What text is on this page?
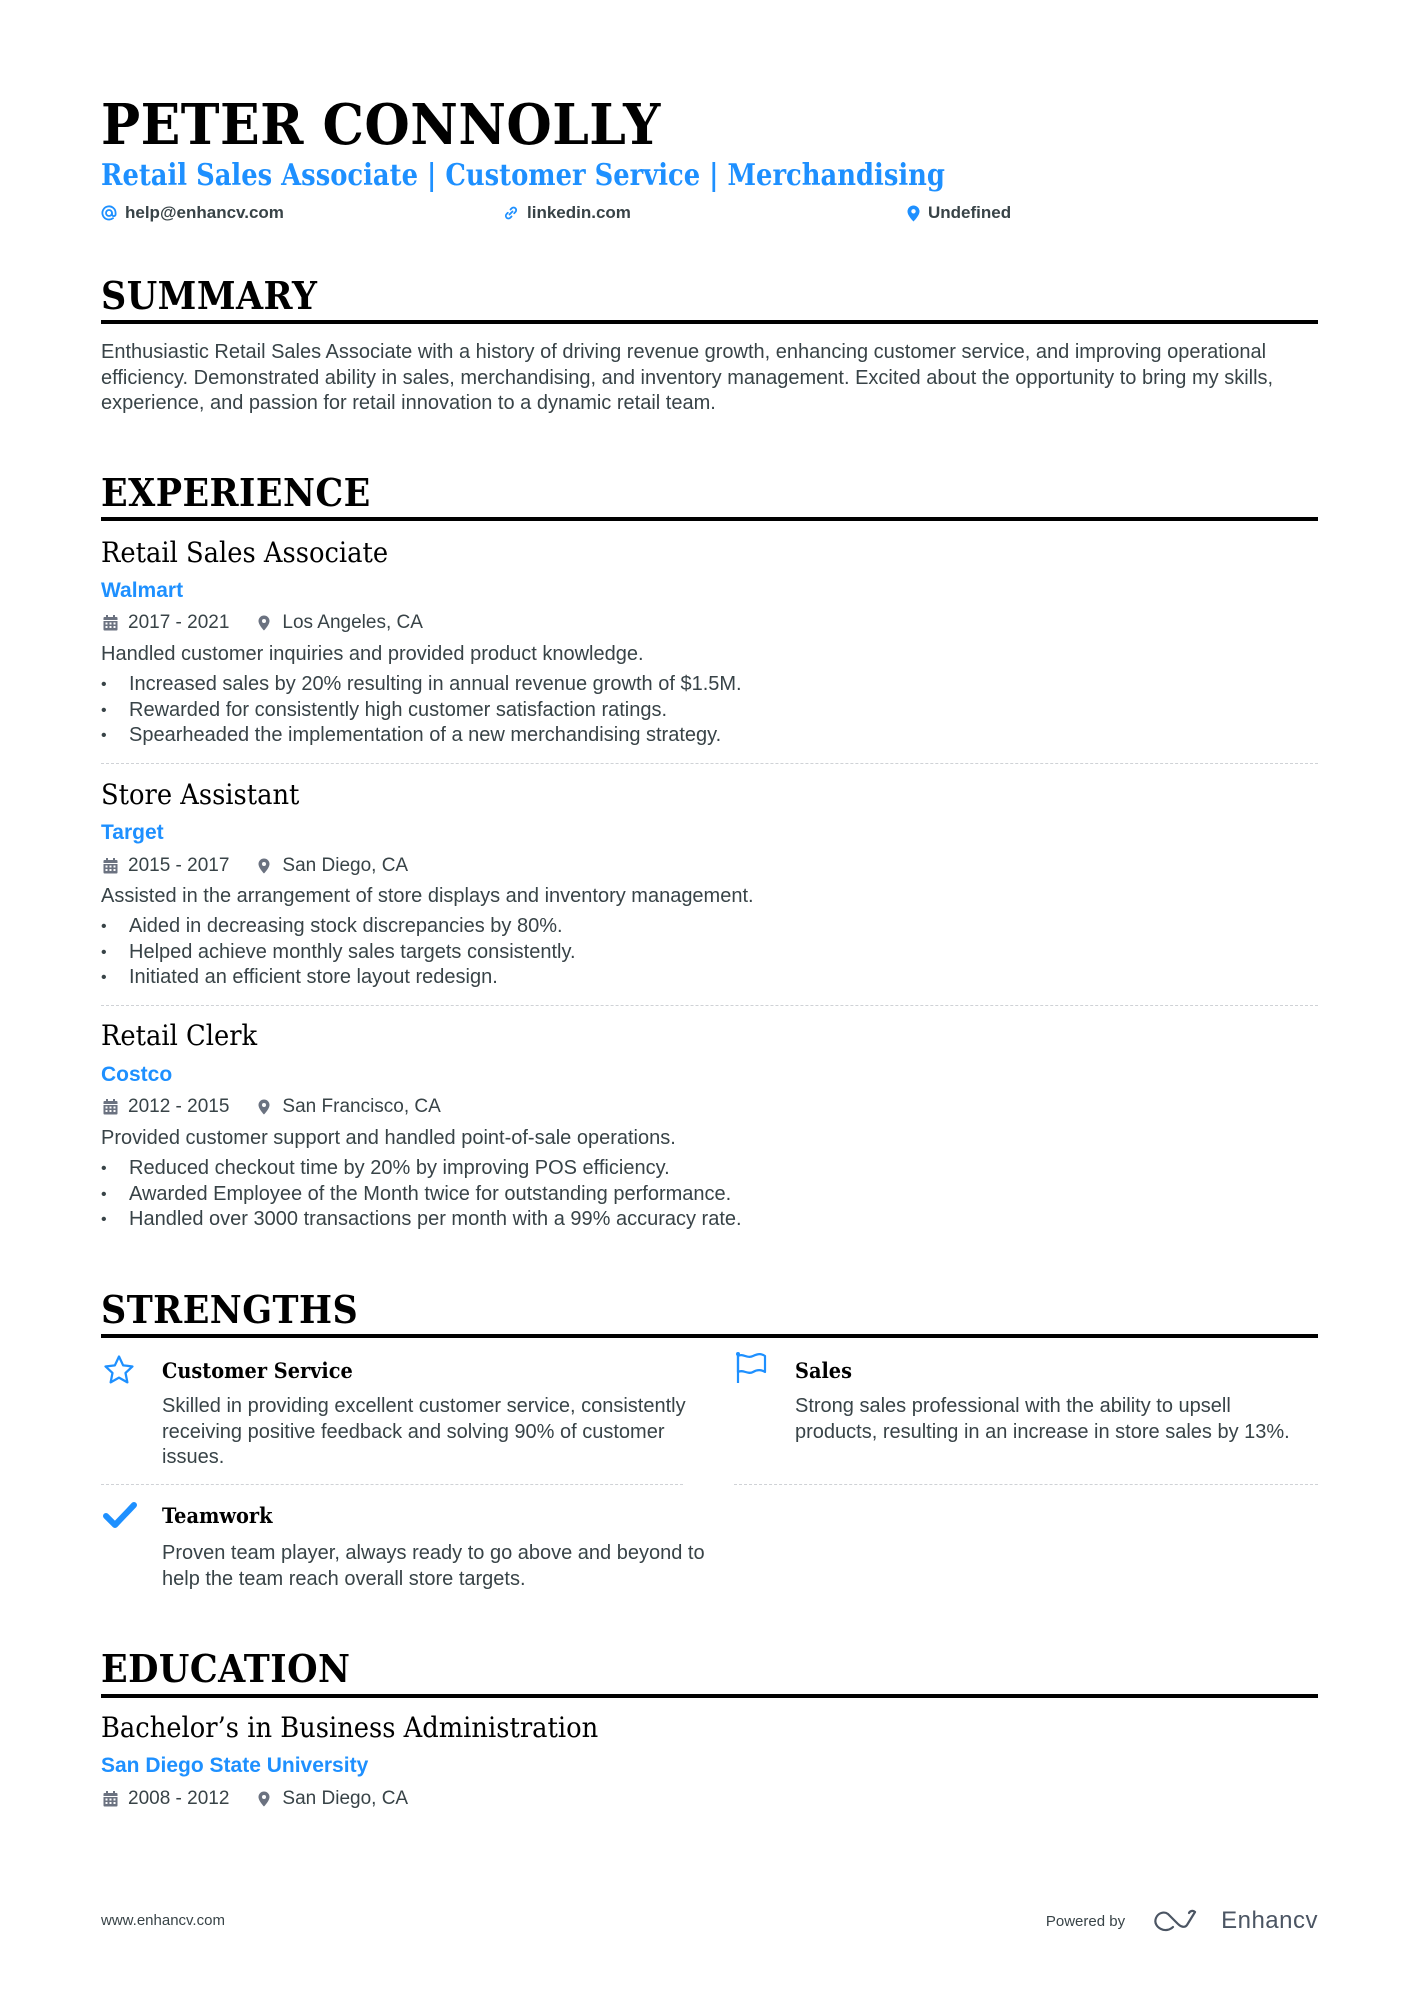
PETER CONNOLLY
Retail Sales Associate | Customer Service | Merchandising
help@enhancv.com	linkedin.com	Undefined
SUMMARY
Enthusiastic Retail Sales Associate with a history of driving revenue growth, enhancing customer service, and improving operational efficiency. Demonstrated ability in sales, merchandising, and inventory management. Excited about the opportunity to bring my skills, experience, and passion for retail innovation to a dynamic retail team.
EXPERIENCE
Retail Sales Associate
Walmart
2017 - 2021	Los Angeles, CA
Handled customer inquiries and provided product knowledge.
• Increased sales by 20% resulting in annual revenue growth of $1.5M.
• Rewarded for consistently high customer satisfaction ratings.
• Spearheaded the implementation of a new merchandising strategy.
Store Assistant
Target
2015 - 2017	San Diego, CA
Assisted in the arrangement of store displays and inventory management.
• Aided in decreasing stock discrepancies by 80%.
• Helped achieve monthly sales targets consistently.
• Initiated an efficient store layout redesign.
Retail Clerk
Costco
2012 - 2015	San Francisco, CA
Provided customer support and handled point-of-sale operations.
• Reduced checkout time by 20% by improving POS efficiency.
• Awarded Employee of the Month twice for outstanding performance.
• Handled over 3000 transactions per month with a 99% accuracy rate.
STRENGTHS
Customer Service
Skilled in providing excellent customer service, consistently receiving positive feedback and solving 90% of customer issues.
Sales
Strong sales professional with the ability to upsell products, resulting in an increase in store sales by 13%.
Teamwork
Proven team player, always ready to go above and beyond to help the team reach overall store targets.
EDUCATION
Bachelor’s in Business Administration
San Diego State University
2008 - 2012	San Diego, CA
www.enhancv.com	Powered by	Enhancv
